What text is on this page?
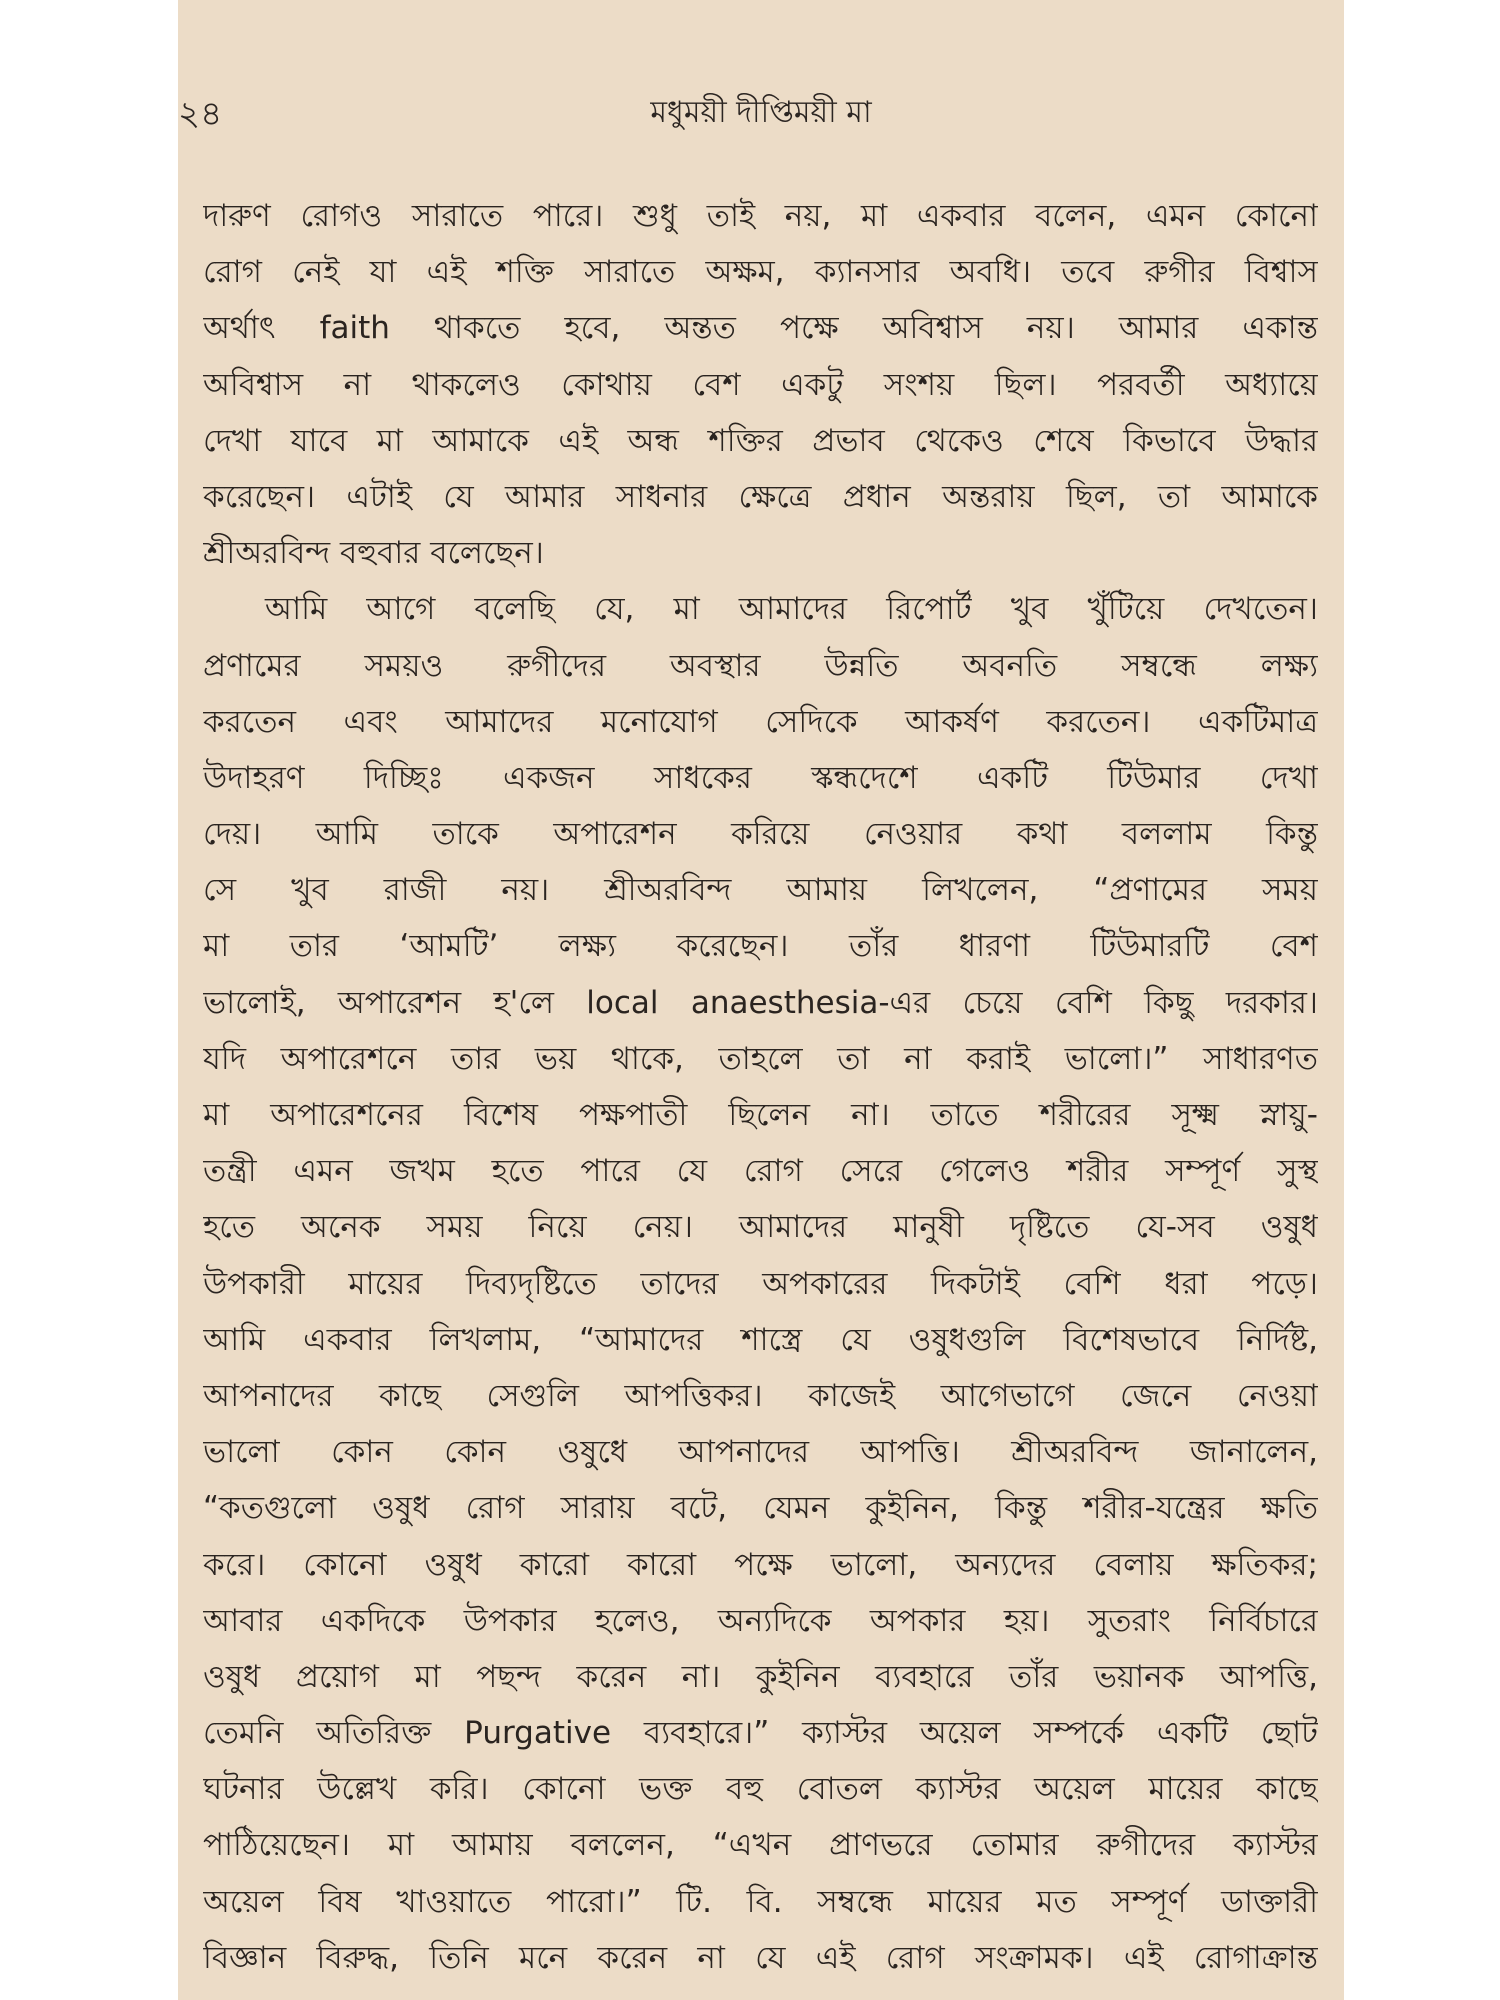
২৪	মধুময়ী দীপ্তিময়ী মা
দারুণ রোগও সারাতে পারে। শুধু তাই নয়, মা একবার বলেন, এমন কোনো
রোগ নেই যা এই শক্তি সারাতে অক্ষম, ক্যানসার অবধি। তবে রুগীর বিশ্বাস
অর্থাৎ faith থাকতে হবে, অন্তত পক্ষে অবিশ্বাস নয়। আমার একান্ত
অবিশ্বাস না থাকলেও কোথায় বেশ একটু সংশয় ছিল। পরবর্তী অধ্যায়ে
দেখা যাবে মা আমাকে এই অন্ধ শক্তির প্রভাব থেকেও শেষে কিভাবে উদ্ধার
করেছেন। এটাই যে আমার সাধনার ক্ষেত্রে প্রধান অন্তরায় ছিল, তা আমাকে
শ্রীঅরবিন্দ বহুবার বলেছেন।
আমি আগে বলেছি যে, মা আমাদের রিপোর্ট খুব খুঁটিয়ে দেখতেন।
প্রণামের সময়ও রুগীদের অবস্থার উন্নতি অবনতি সম্বন্ধে লক্ষ্য
করতেন এবং আমাদের মনোযোগ সেদিকে আকর্ষণ করতেন। একটিমাত্র
উদাহরণ দিচ্ছিঃ একজন সাধকের স্কন্ধদেশে একটি টিউমার দেখা
দেয়। আমি তাকে অপারেশন করিয়ে নেওয়ার কথা বললাম কিন্তু
সে খুব রাজী নয়। শ্রীঅরবিন্দ আমায় লিখলেন, “প্রণামের সময়
মা তার ‘আমটি’ লক্ষ্য করেছেন। তাঁর ধারণা টিউমারটি বেশ
ভালোই, অপারেশন হ'লে local anaesthesia-এর চেয়ে বেশি কিছু দরকার।
যদি অপারেশনে তার ভয় থাকে, তাহলে তা না করাই ভালো।” সাধারণত
মা অপারেশনের বিশেষ পক্ষপাতী ছিলেন না। তাতে শরীরের সূক্ষ্ম স্নায়ু-
তন্ত্রী এমন জখম হতে পারে যে রোগ সেরে গেলেও শরীর সম্পূর্ণ সুস্থ
হতে অনেক সময় নিয়ে নেয়। আমাদের মানুষী দৃষ্টিতে যে-সব ওষুধ
উপকারী মায়ের দিব্যদৃষ্টিতে তাদের অপকারের দিকটাই বেশি ধরা পড়ে।
আমি একবার লিখলাম, “আমাদের শাস্ত্রে যে ওষুধগুলি বিশেষভাবে নির্দিষ্ট,
আপনাদের কাছে সেগুলি আপত্তিকর। কাজেই আগেভাগে জেনে নেওয়া
ভালো কোন কোন ওষুধে আপনাদের আপত্তি। শ্রীঅরবিন্দ জানালেন,
“কতগুলো ওষুধ রোগ সারায় বটে, যেমন কুইনিন, কিন্তু শরীর-যন্ত্রের ক্ষতি
করে। কোনো ওষুধ কারো কারো পক্ষে ভালো, অন্যদের বেলায় ক্ষতিকর;
আবার একদিকে উপকার হলেও, অন্যদিকে অপকার হয়। সুতরাং নির্বিচারে
ওষুধ প্রয়োগ মা পছন্দ করেন না। কুইনিন ব্যবহারে তাঁর ভয়ানক আপত্তি,
তেমনি অতিরিক্ত Purgative ব্যবহারে।” ক্যাস্টর অয়েল সম্পর্কে একটি ছোট
ঘটনার উল্লেখ করি। কোনো ভক্ত বহু বোতল ক্যাস্টর অয়েল মায়ের কাছে
পাঠিয়েছেন। মা আমায় বললেন, “এখন প্রাণভরে তোমার রুগীদের ক্যাস্টর
অয়েল বিষ খাওয়াতে পারো।” টি. বি. সম্বন্ধে মায়ের মত সম্পূর্ণ ডাক্তারী
বিজ্ঞান বিরুদ্ধ, তিনি মনে করেন না যে এই রোগ সংক্রামক। এই রোগাক্রান্ত
